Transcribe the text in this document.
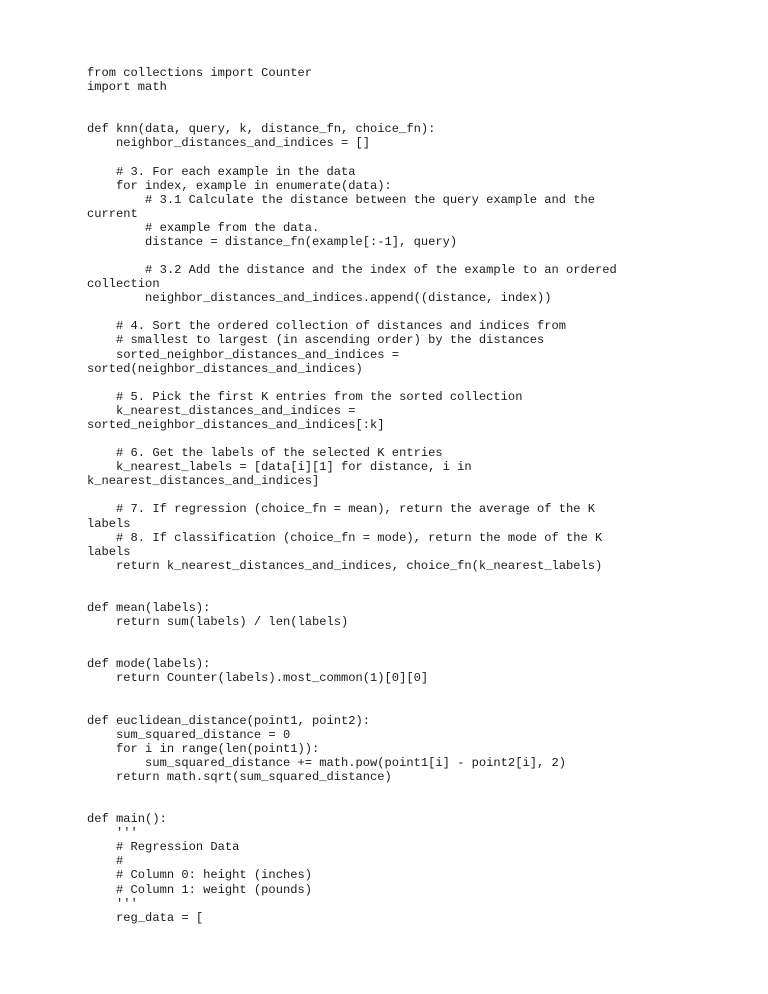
from collections import Counter
import math
def knn(data, query, k, distance_fn, choice_fn):
neighbor_distances_and_indices = []
# 3. For each example in the data
for index, example in enumerate(data):
# 3.1 Calculate the distance between the query example and the
current
# example from the data.
distance = distance_fn(example[:-1], query)
# 3.2 Add the distance and the index of the example to an ordered
collection
neighbor_distances_and_indices.append((distance, index))
# 4. Sort the ordered collection of distances and indices from
# smallest to largest (in ascending order) by the distances
sorted_neighbor_distances_and_indices =
sorted(neighbor_distances_and_indices)
# 5. Pick the first K entries from the sorted collection
k_nearest_distances_and_indices =
sorted_neighbor_distances_and_indices[:k]
# 6. Get the labels of the selected K entries
k_nearest_labels = [data[i][1] for distance, i in
k_nearest_distances_and_indices]
# 7. If regression (choice_fn = mean), return the average of the K
labels
# 8. If classification (choice_fn = mode), return the mode of the K
labels
return k_nearest_distances_and_indices, choice_fn(k_nearest_labels)
def mean(labels):
return sum(labels) / len(labels)
def mode(labels):
return Counter(labels).most_common(1)[0][0]
def euclidean_distance(point1, point2):
sum_squared_distance = 0
for i in range(len(point1)):
sum_squared_distance += math.pow(point1[i] - point2[i], 2)
return math.sqrt(sum_squared_distance)
def main():
'''
# Regression Data
#
# Column 0: height (inches)
# Column 1: weight (pounds)
'''
reg_data = [
